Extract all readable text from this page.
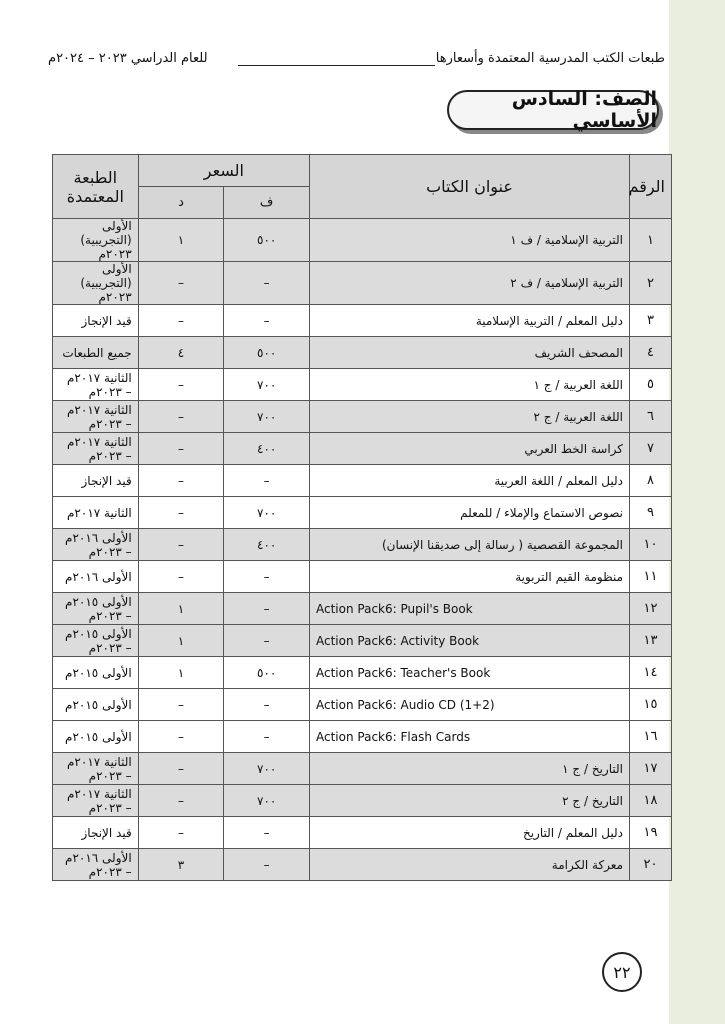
طبعات الكتب المدرسية المعتمدة وأسعارها
للعام الدراسي ٢٠٢٣ – ٢٠٢٤م
الصف: السادس الأساسي
الرقم	عنوان الكتاب	السعر		الطبعة المعتمدة
		ف	د	
١	التربية الإسلامية / ف ١	٥٠٠	١	الأولى (التجريبية) ٢٠٢٣م
٢	التربية الإسلامية / ف ٢	–	–	الأولى (التجريبية) ٢٠٢٣م
٣	دليل المعلم / التربية الإسلامية	–	–	قيد الإنجاز
٤	المصحف الشريف	٥٠٠	٤	جميع الطبعات
٥	اللغة العربية / ج ١	٧٠٠	–	الثانية ٢٠١٧م – ٢٠٢٣م
٦	اللغة العربية / ج ٢	٧٠٠	–	الثانية ٢٠١٧م – ٢٠٢٣م
٧	كراسة الخط العربي	٤٠٠	–	الثانية ٢٠١٧م – ٢٠٢٣م
٨	دليل المعلم / اللغة العربية	–	–	قيد الإنجاز
٩	نصوص الاستماع والإملاء / للمعلم	٧٠٠	–	الثانية ٢٠١٧م
١٠	المجموعة القصصية ( رسالة إلى صديقنا الإنسان)	٤٠٠	–	الأولى ٢٠١٦م – ٢٠٢٣م
١١	منظومة القيم التربوية	–	–	الأولى ٢٠١٦م
١٢	Action Pack6: Pupil's Book	–	١	الأولى ٢٠١٥م – ٢٠٢٣م
١٣	Action Pack6: Activity Book	–	١	الأولى ٢٠١٥م – ٢٠٢٣م
١٤	Action Pack6: Teacher's Book	٥٠٠	١	الأولى ٢٠١٥م
١٥	Action Pack6: Audio CD (1+2)	–	–	الأولى ٢٠١٥م
١٦	Action Pack6: Flash Cards	–	–	الأولى ٢٠١٥م
١٧	التاريخ / ج ١	٧٠٠	–	الثانية ٢٠١٧م – ٢٠٢٣م
١٨	التاريخ / ج ٢	٧٠٠	–	الثانية ٢٠١٧م – ٢٠٢٣م
١٩	دليل المعلم / التاريخ	–	–	قيد الإنجاز
٢٠	معركة الكرامة	–	٣	الأولى ٢٠١٦م – ٢٠٢٣م
٢٢
